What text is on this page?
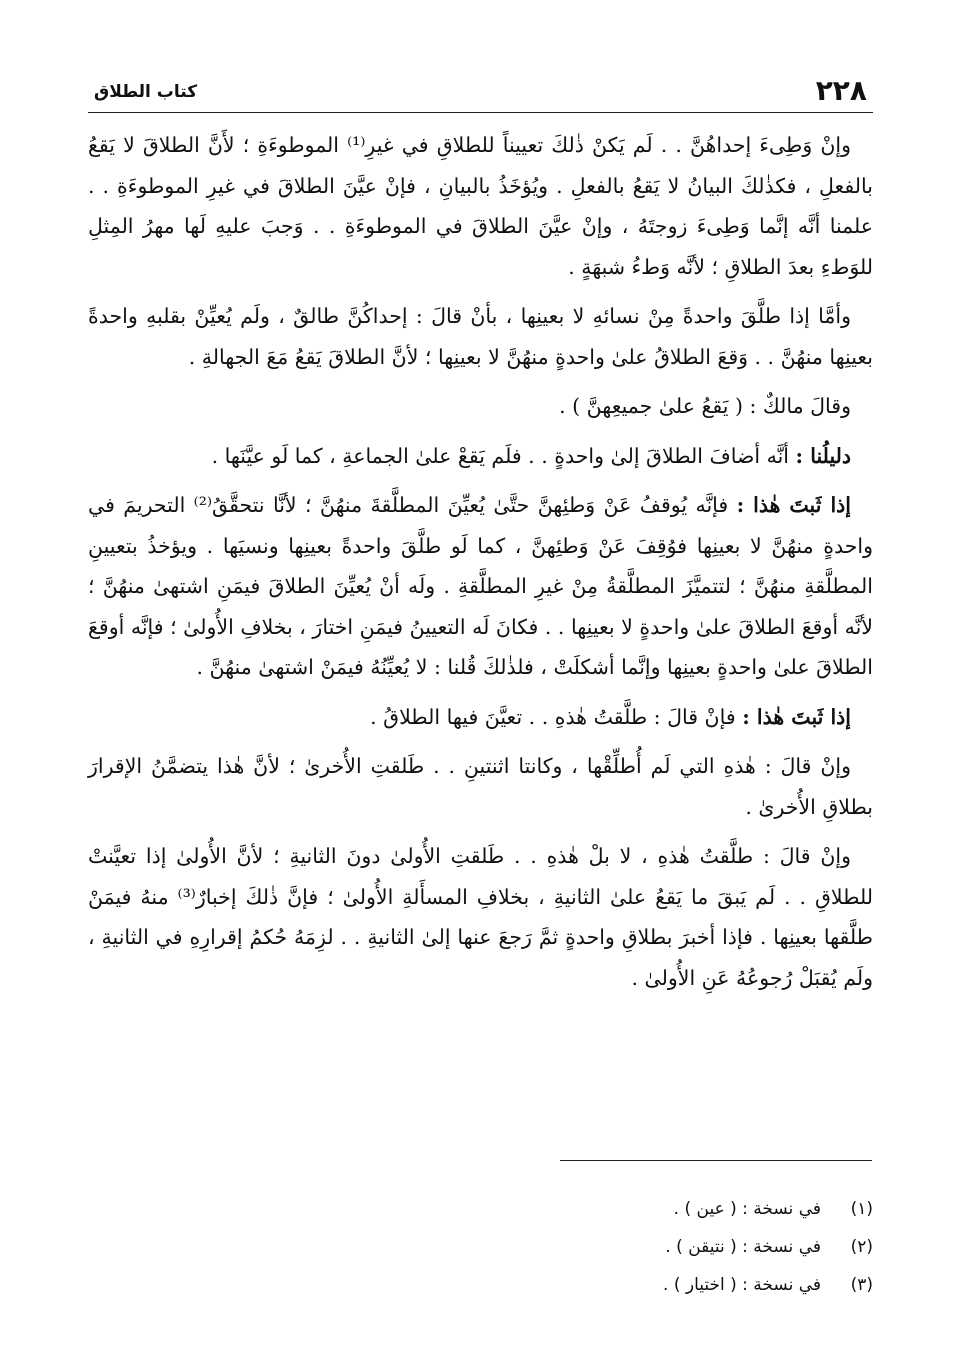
٢٢٨
كتاب الطلاق

وإنْ وَطِىءَ إحداهُنَّ . . لَم يَكنْ ذٰلكَ تعييناً للطلاقِ في غيرِ⁽¹⁾ الموطوءَةِ ؛ لأَنَّ الطلاقَ لا يَقعُ بالفعلِ ، فكذٰلكَ البيانُ لا يَقعُ بالفعلِ . ويُؤخَذُ بالبيانِ ، فإنْ عيَّنَ الطلاقَ في غيرِ الموطوءَةِ . . علمنا أنَّه إنَّما وَطِىءَ زوجتَهُ ، وإنْ عيَّنَ الطلاقَ في الموطوءَةِ . . وَجبَ عليهِ لَها مهرُ المِثلِ للوَطءِ بعدَ الطلاقِ ؛ لأنَّه وَطءُ شبهَةٍ .

وأمَّا إذا طلَّقَ واحدةً مِنْ نسائهِ لا بعينِها ، بأنْ قالَ : إحداكُنَّ طالقٌ ، ولَم يُعيِّنْ بقلبهِ واحدةً بعينِها منهُنَّ . . وَقعَ الطلاقُ علىٰ واحدةٍ منهُنَّ لا بعينِها ؛ لأنَّ الطلاقَ يَقعُ مَعَ الجهالةِ .

وقالَ مالكٌ : ( يَقعُ علىٰ جميعِهنَّ ) .

دليلُنا : أنَّه أضافَ الطلاقَ إلىٰ واحدةٍ . . فلَم يَقعْ علىٰ الجماعةِ ، كما لَو عيَّنَها .

إذا ثَبتَ هٰذا : فإنَّه يُوقفُ عَنْ وَطئِهنَّ حتَّىٰ يُعيِّنَ المطلَّقةَ منهُنَّ ؛ لأنَّا نتحقَّقُ⁽²⁾ التحريمَ في واحدةٍ منهُنَّ لا بعينِها فوُقِفَ عَنْ وَطئِهنَّ ، كما لَو طلَّقَ واحدةً بعينِها ونسيَها . ويؤخذُ بتعيينِ المطلَّقةِ منهُنَّ ؛ لتتميَّزَ المطلَّقةُ مِنْ غيرِ المطلَّقةِ . ولَه أنْ يُعيِّنَ الطلاقَ فيمَنِ اشتهىٰ منهُنَّ ؛ لأنَّه أوقعَ الطلاقَ علىٰ واحدةٍ لا بعينِها . . فكانَ لَه التعيينُ فيمَنِ اختارَ ، بخلافِ الأُولىٰ ؛ فإنَّه أوقعَ الطلاقَ علىٰ واحدةٍ بعينِها وإنَّما أشكلَتْ ، فلذٰلكَ قُلنا : لا يُعيِّنُهُ فيمَنْ اشتهىٰ منهُنَّ .

إذا ثَبتَ هٰذا : فإنْ قالَ : طلَّقتُ هٰذهِ . . تعيَّنَ فيها الطلاقُ .

وإنْ قالَ : هٰذهِ التي لَم أُطلِّقْها ، وكانتا اثنتينِ . . طَلقتِ الأُخرىٰ ؛ لأنَّ هٰذا يتضمَّنُ الإقرارَ بطلاقِ الأُخرىٰ .

وإنْ قالَ : طلَّقتُ هٰذهِ ، لا بلْ هٰذهِ . . طَلقتِ الأُولىٰ دونَ الثانيةِ ؛ لأنَّ الأُولىٰ إذا تعيَّنتْ للطلاقِ . . لَم يَبقَ ما يَقعُ علىٰ الثانيةِ ، بخلافِ المسأَلةِ الأُولىٰ ؛ فإنَّ ذٰلكَ إخبارٌ⁽³⁾ منهُ فيمَنْ طلَّقها بعينِها . فإذا أخبرَ بطلاقِ واحدةٍ ثمَّ رَجعَ عنها إلىٰ الثانيةِ . . لزِمَهُ حُكمُ إقرارِهِ في الثانيةِ ، ولَم يُقبَلْ رُجوعُهُ عَنِ الأُولىٰ .

(١)
في نسخة : ( عين ) .
(٢)
في نسخة : ( نتيقن ) .
(٣)
في نسخة : ( اختيار ) .
